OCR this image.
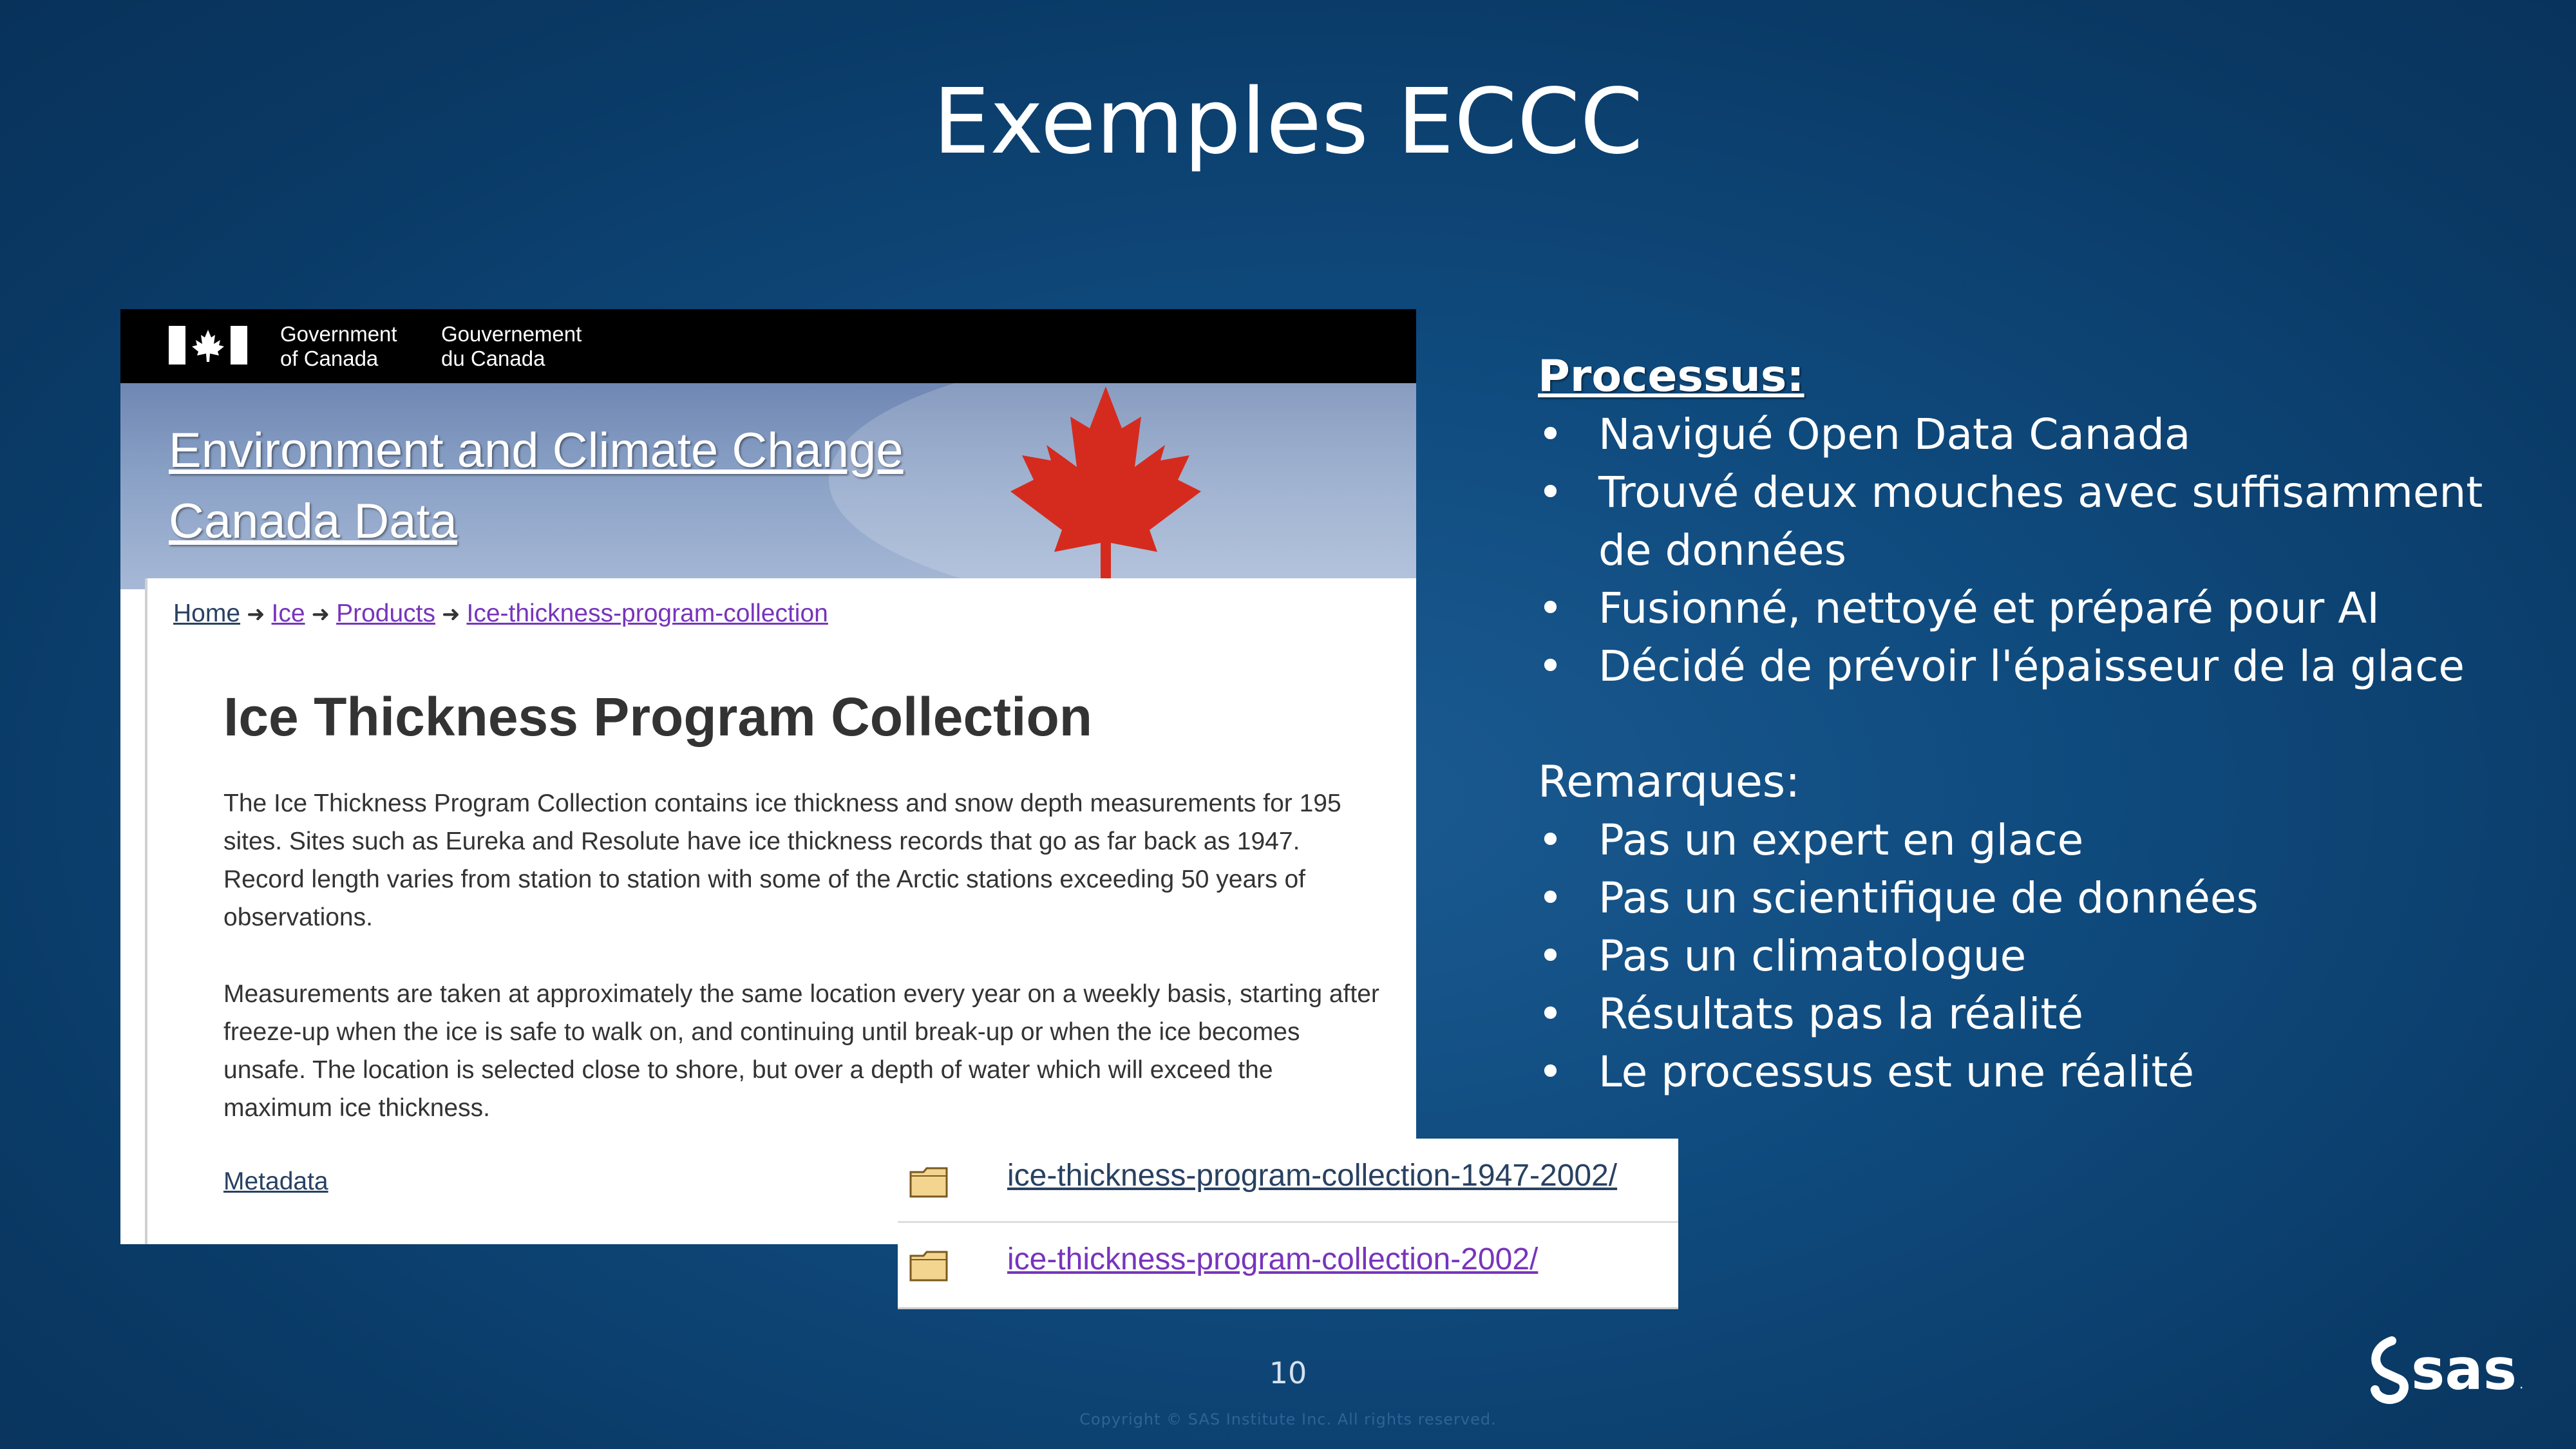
Exemples ECCC
Government
of Canada
Gouvernement
du Canada
Environment and Climate Change
Canada Data
Home ➜ Ice ➜ Products ➜ Ice-thickness-program-collection
Ice Thickness Program Collection

The Ice Thickness Program Collection contains ice thickness and snow depth measurements for 195 sites. Sites such as Eureka and Resolute have ice thickness records that go as far back as 1947. Record length varies from station to station with some of the Arctic stations exceeding 50 years of observations.

Measurements are taken at approximately the same location every year on a weekly basis, starting after freeze-up when the ice is safe to walk on, and continuing until break-up or when the ice becomes unsafe. The location is selected close to shore, but over a depth of water which will exceed the maximum ice thickness.

Metadata	ice-thickness-program-collection-1947-2002/
ice-thickness-program-collection-2002/
Processus:
• Navigué Open Data Canada
• Trouvé deux mouches avec suffisamment de données
• Fusionné, nettoyé et préparé pour AI
• Décidé de prévoir l'épaisseur de la glace
Remarques:
• Pas un expert en glace
• Pas un scientifique de données
• Pas un climatologue
• Résultats pas la réalité
• Le processus est une réalité
10
Copyright © SAS Institute Inc. All rights reserved.
sas .
